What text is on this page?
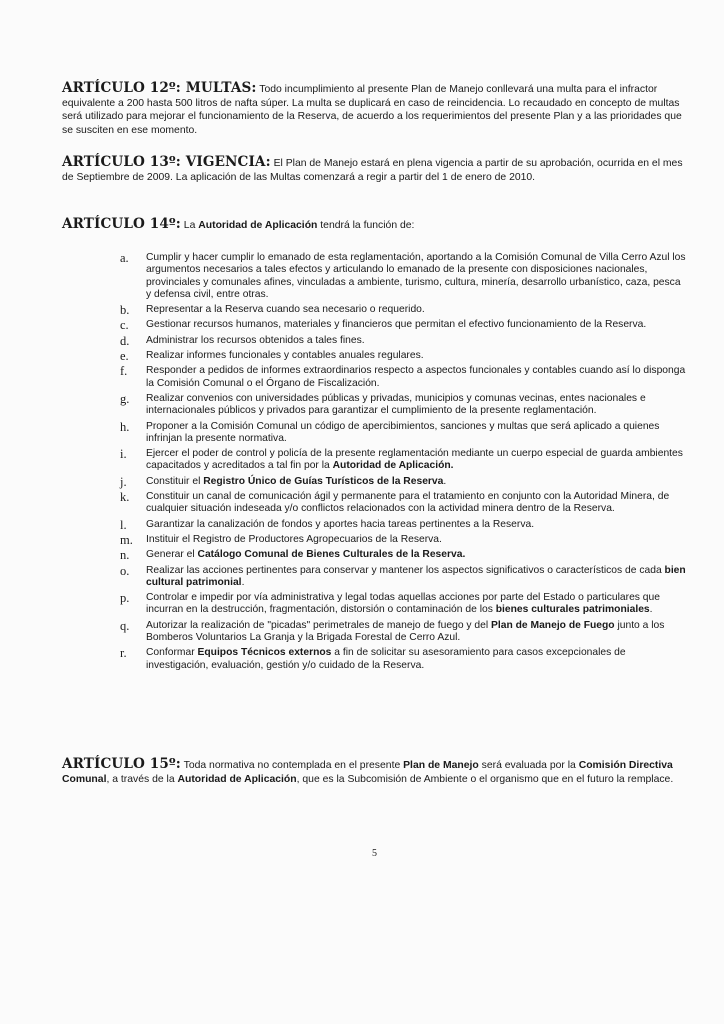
ARTÍCULO 12º: MULTAS: Todo incumplimiento al presente Plan de Manejo conllevará una multa para el infractor equivalente a 200 hasta 500 litros de nafta súper. La multa se duplicará en caso de reincidencia. Lo recaudado en concepto de multas será utilizado para mejorar el funcionamiento de la Reserva, de acuerdo a los requerimientos del presente Plan y a las prioridades que se susciten en ese momento.

ARTÍCULO 13º: VIGENCIA: El Plan de Manejo estará en plena vigencia a partir de su aprobación, ocurrida en el mes de Septiembre de 2009. La aplicación de las Multas comenzará a regir a partir del 1 de enero de 2010.

ARTÍCULO 14º: La Autoridad de Aplicación tendrá la función de:

a. Cumplir y hacer cumplir lo emanado de esta reglamentación, aportando a la Comisión Comunal de Villa Cerro Azul los argumentos necesarios a tales efectos y articulando lo emanado de la presente con disposiciones nacionales, provinciales y comunales afines, vinculadas a ambiente, turismo, cultura, minería, desarrollo urbanístico, caza, pesca y defensa civil, entre otras.
b. Representar a la Reserva cuando sea necesario o requerido.
c. Gestionar recursos humanos, materiales y financieros que permitan el efectivo funcionamiento de la Reserva.
d. Administrar los recursos obtenidos a tales fines.
e. Realizar informes funcionales y contables anuales regulares.
f. Responder a pedidos de informes extraordinarios respecto a aspectos funcionales y contables cuando así lo disponga la Comisión Comunal o el Órgano de Fiscalización.
g. Realizar convenios con universidades públicas y privadas, municipios y comunas vecinas, entes nacionales e internacionales públicos y privados para garantizar el cumplimiento de la presente reglamentación.
h. Proponer a la Comisión Comunal un código de apercibimientos, sanciones y multas que será aplicado a quienes infrinjan la presente normativa.
i. Ejercer el poder de control y policía de la presente reglamentación mediante un cuerpo especial de guarda ambientes capacitados y acreditados a tal fin por la Autoridad de Aplicación.
j. Constituir el Registro Único de Guías Turísticos de la Reserva.
k. Constituir un canal de comunicación ágil y permanente para el tratamiento en conjunto con la Autoridad Minera, de cualquier situación indeseada y/o conflictos relacionados con la actividad minera dentro de la Reserva.
l. Garantizar la canalización de fondos y aportes hacia tareas pertinentes a la Reserva.
m. Instituir el Registro de Productores Agropecuarios de la Reserva.
n. Generar el Catálogo Comunal de Bienes Culturales de la Reserva.
o. Realizar las acciones pertinentes para conservar y mantener los aspectos significativos o característicos de cada bien cultural patrimonial.
p. Controlar e impedir por vía administrativa y legal todas aquellas acciones por parte del Estado o particulares que incurran en la destrucción, fragmentación, distorsión o contaminación de los bienes culturales patrimoniales.
q. Autorizar la realización de "picadas" perimetrales de manejo de fuego y del Plan de Manejo de Fuego junto a los Bomberos Voluntarios La Granja y la Brigada Forestal de Cerro Azul.
r. Conformar Equipos Técnicos externos a fin de solicitar su asesoramiento para casos excepcionales de investigación, evaluación, gestión y/o cuidado de la Reserva.

ARTÍCULO 15º: Toda normativa no contemplada en el presente Plan de Manejo será evaluada por la Comisión Directiva Comunal, a través de la Autoridad de Aplicación, que es la Subcomisión de Ambiente o el organismo que en el futuro la remplace.

5
